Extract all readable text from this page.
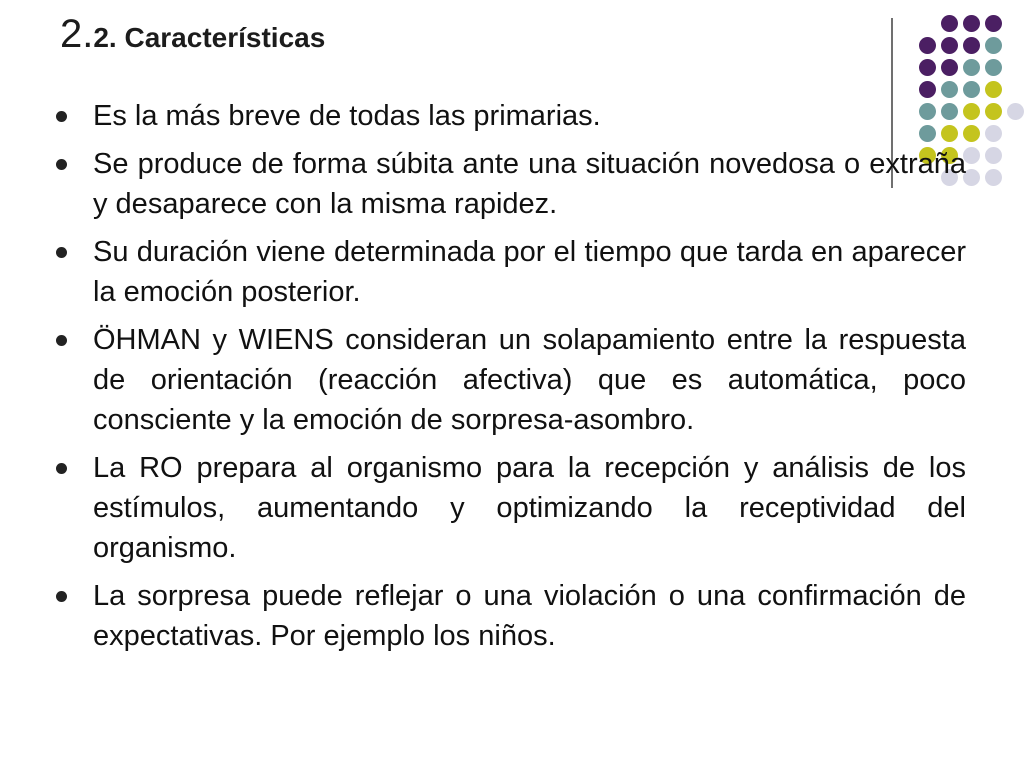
2.2. Características
Es la más breve de todas las primarias.
Se produce de forma súbita ante una situación novedosa o extraña y desaparece con la misma rapidez.
Su duración viene determinada por el tiempo que tarda en aparecer la emoción posterior.
ÖHMAN y WIENS consideran un solapamiento entre la respuesta de orientación (reacción afectiva) que es automática, poco consciente y la emoción de sorpresa-asombro.
La RO prepara al organismo para la recepción y análisis de los estímulos, aumentando y optimizando la receptividad del organismo.
La sorpresa puede reflejar o una violación o una confirmación de expectativas. Por ejemplo los niños.
